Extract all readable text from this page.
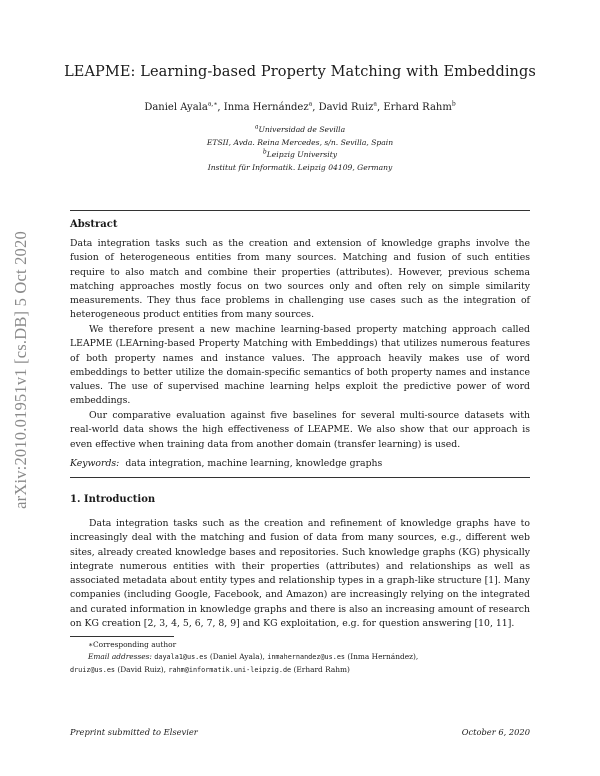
arXiv:2010.01951v1 [cs.DB] 5 Oct 2020
LEAPME: Learning-based Property Matching with Embeddings
Daniel Ayala$^{a,∗}$, Inma Hernández$^a$, David Ruiz$^a$, Erhard Rahm$^b$
$^a$Universidad de Sevilla
ETSII, Avda. Reina Mercedes, s/n. Sevilla, Spain
$^b$Leipzig University
Institut für Informatik. Leipzig 04109, Germany
Abstract

Data integration tasks such as the creation and extension of knowledge graphs involve the fusion of heterogeneous entities from many sources. Matching and fusion of such entities require to also match and combine their properties (attributes). However, previous schema matching approaches mostly focus on two sources only and often rely on simple similarity measurements. They thus face problems in challenging use cases such as the integration of heterogeneous product entities from many sources.

We therefore present a new machine learning-based property matching approach called LEAPME (LEArning-based Property Matching with Embeddings) that utilizes numerous features of both property names and instance values. The approach heavily makes use of word embeddings to better utilize the domain-specific semantics of both property names and instance values. The use of supervised machine learning helps exploit the predictive power of word embeddings.

Our comparative evaluation against five baselines for several multi-source datasets with real-world data shows the high effectiveness of LEAPME. We also show that our approach is even effective when training data from another domain (transfer learning) is used.

Keywords: data integration, machine learning, knowledge graphs
1. Introduction

Data integration tasks such as the creation and refinement of knowledge graphs have to increasingly deal with the matching and fusion of data from many sources, e.g., different web sites, already created knowledge bases and repositories. Such knowledge graphs (KG) physically integrate numerous entities with their properties (attributes) and relationships as well as associated metadata about entity types and relationship types in a graph-like structure [1]. Many companies (including Google, Facebook, and Amazon) are increasingly relying on the integrated and curated information in knowledge graphs and there is also an increasing amount of research on KG creation [2, 3, 4, 5, 6, 7, 8, 9] and KG exploitation, e.g. for question answering [10, 11].

∗Corresponding author
Email addresses: dayala1@us.es (Daniel Ayala), inmahernandez@us.es (Inma Hernández),
druiz@us.es (David Ruiz), rahm@informatik.uni-leipzig.de (Erhard Rahm)
Preprint submitted to Elsevier	October 6, 2020
